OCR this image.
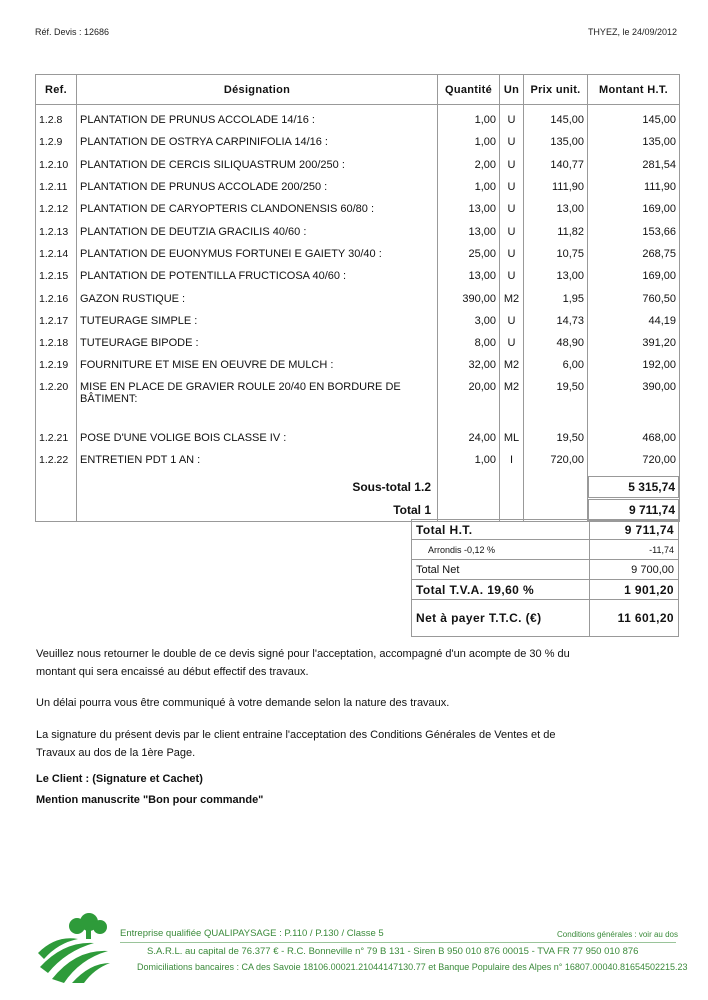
Réf. Devis : 12686	THYEZ, le 24/09/2012
Ref.	Désignation	Quantité	Un	Prix unit.	Montant H.T.
1.2.8	PLANTATION DE PRUNUS ACCOLADE 14/16 :	1,00	U	145,00	145,00
1.2.9	PLANTATION DE OSTRYA CARPINIFOLIA 14/16 :	1,00	U	135,00	135,00
1.2.10	PLANTATION DE CERCIS SILIQUASTRUM 200/250 :	2,00	U	140,77	281,54
1.2.11	PLANTATION DE PRUNUS ACCOLADE 200/250 :	1,00	U	111,90	111,90
1.2.12	PLANTATION DE CARYOPTERIS CLANDONENSIS 60/80 :	13,00	U	13,00	169,00
1.2.13	PLANTATION DE DEUTZIA GRACILIS 40/60 :	13,00	U	11,82	153,66
1.2.14	PLANTATION DE EUONYMUS FORTUNEI E GAIETY 30/40 :	25,00	U	10,75	268,75
1.2.15	PLANTATION DE POTENTILLA FRUCTICOSA 40/60 :	13,00	U	13,00	169,00
1.2.16	GAZON RUSTIQUE :	390,00	M2	1,95	760,50
1.2.17	TUTEURAGE SIMPLE :	3,00	U	14,73	44,19
1.2.18	TUTEURAGE BIPODE :	8,00	U	48,90	391,20
1.2.19	FOURNITURE ET MISE EN OEUVRE DE MULCH :	32,00	M2	6,00	192,00
1.2.20	MISE EN PLACE DE GRAVIER ROULE 20/40 EN BORDURE DE BÂTIMENT:	20,00	M2	19,50	390,00
1.2.21	POSE D'UNE VOLIGE BOIS CLASSE IV :	24,00	ML	19,50	468,00
1.2.22	ENTRETIEN PDT 1 AN :	1,00	I	720,00	720,00
	Sous-total 1.2				5 315,74

	Total 1				9 711,74
Total H.T.	9 711,74
Arrondis -0,12 %	-11,74
Total Net	9 700,00
Total T.V.A. 19,60 %	1 901,20
Net à payer T.T.C. (€)	11 601,20
Veuillez nous retourner le double de ce devis signé pour l'acceptation, accompagné d'un acompte de 30 % du
montant qui sera encaissé au début effectif des travaux.
Un délai pourra vous être communiqué à votre demande selon la nature des travaux.
La signature du présent devis par le client entraine l'acceptation des Conditions Générales de Ventes et de
Travaux au dos de la 1ère Page.
Le Client : (Signature et Cachet)
Mention manuscrite "Bon pour commande"
Entreprise qualifiée QUALIPAYSAGE : P.110 / P.130 / Classe 5	Conditions générales : voir au dos
S.A.R.L. au capital de 76.377 € - R.C. Bonneville n° 79 B 131 - Siren B 950 010 876 00015 - TVA FR 77 950 010 876
Domiciliations bancaires : CA des Savoie 18106.00021.21044147130.77 et Banque Populaire des Alpes n° 16807.00040.81654502215.23
